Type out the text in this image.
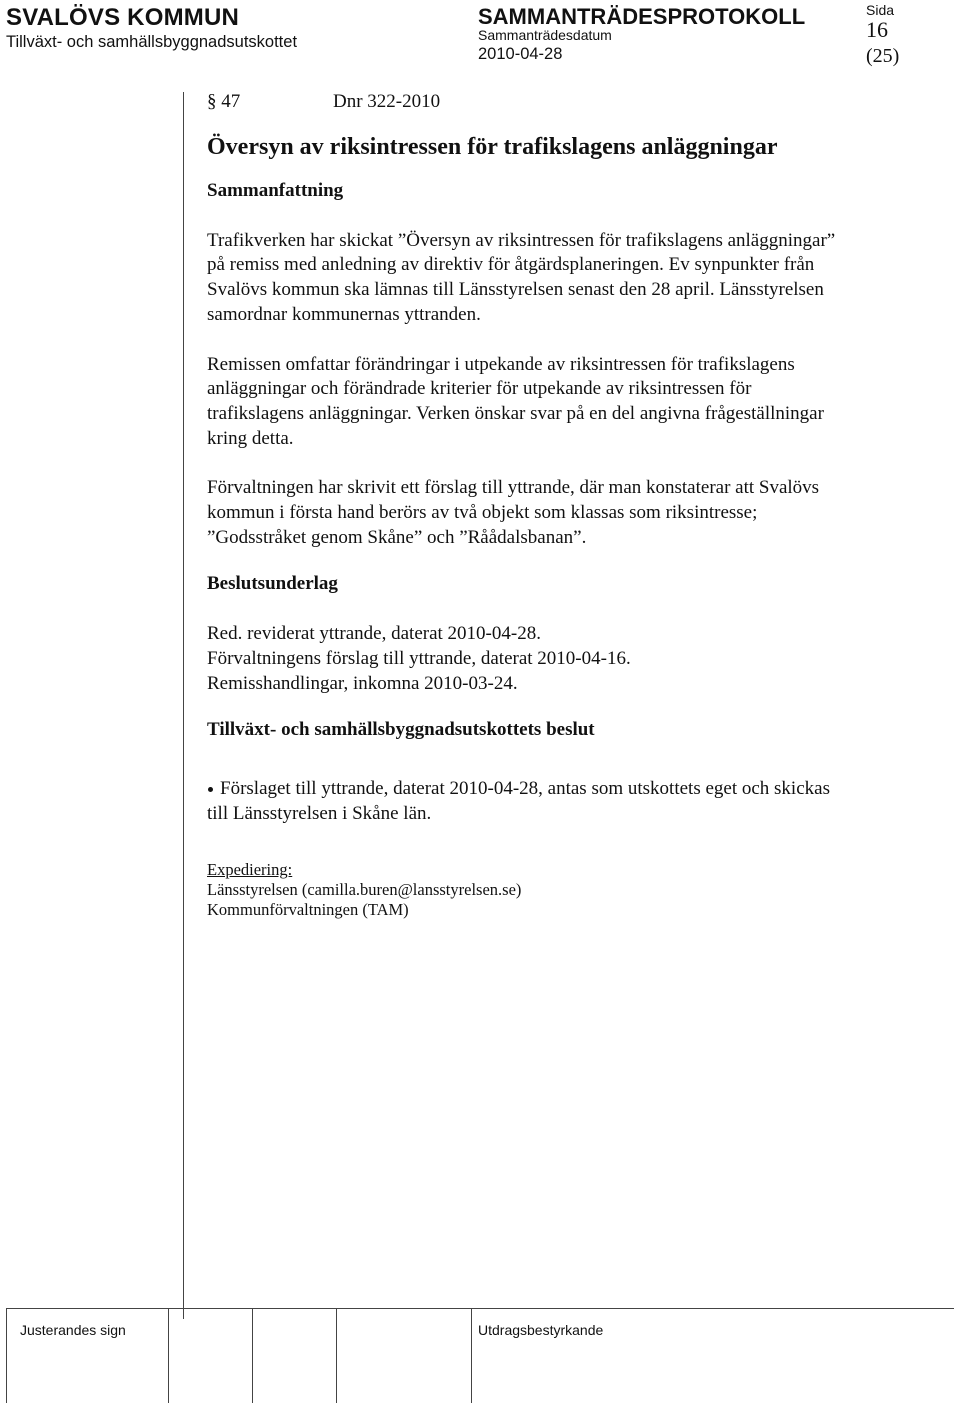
SVALÖVS KOMMUN
Tillväxt- och samhällsbyggnadsutskottet
SAMMANTRÄDESPROTOKOLL
Sammanträdesdatum
2010-04-28
Sida
16
(25)
§ 47	Dnr 322-2010
Översyn av riksintressen för trafikslagens anläggningar
Sammanfattning

Trafikverken har skickat ”Översyn av riksintressen för trafikslagens anläggningar”
på remiss med anledning av direktiv för åtgärdsplaneringen. Ev synpunkter från
Svalövs kommun ska lämnas till Länsstyrelsen senast den 28 april. Länsstyrelsen
samordnar kommunernas yttranden.

Remissen omfattar förändringar i utpekande av riksintressen för trafikslagens
anläggningar och förändrade kriterier för utpekande av riksintressen för
trafikslagens anläggningar. Verken önskar svar på en del angivna frågeställningar
kring detta.

Förvaltningen har skrivit ett förslag till yttrande, där man konstaterar att Svalövs
kommun i första hand berörs av två objekt som klassas som riksintresse;
”Godsstråket genom Skåne” och ”Råådalsbanan”.

Beslutsunderlag

Red. reviderat yttrande, daterat 2010-04-28.
Förvaltningens förslag till yttrande, daterat 2010-04-16.
Remisshandlingar, inkomna 2010-03-24.

Tillväxt- och samhällsbyggnadsutskottets beslut
Förslaget till yttrande, daterat 2010-04-28, antas som utskottets eget och skickas
till Länsstyrelsen i Skåne län.
Expediering:
Länsstyrelsen (camilla.buren@lansstyrelsen.se)
Kommunförvaltningen (TAM)
Justerandes sign	Utdragsbestyrkande
